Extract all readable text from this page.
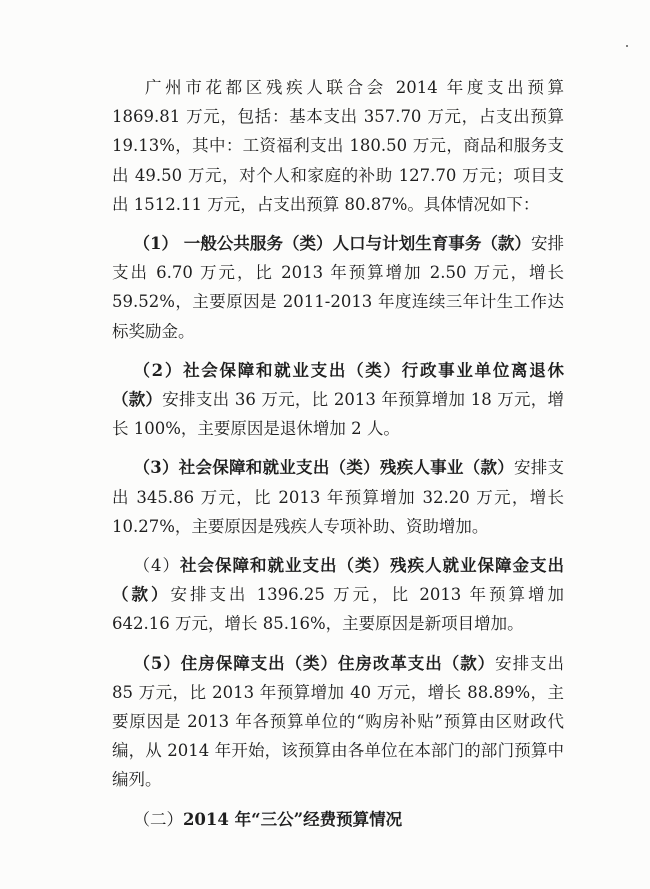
广州市花都区残疾人联合会 2014 年度支出预算 1869.81 万元，包括：基本支出 357.70 万元，占支出预算 19.13%，其中：工资福利支出 180.50 万元，商品和服务支出 49.50 万元，对个人和家庭的补助 127.70 万元；项目支出 1512.11 万元，占支出预算 80.87%。具体情况如下：

（1） 一般公共服务（类）人口与计划生育事务（款）安排支出 6.70 万元，比 2013 年预算增加 2.50 万元，增长 59.52%，主要原因是 2011-2013 年度连续三年计生工作达标奖励金。

（2）社会保障和就业支出（类）行政事业单位离退休（款）安排支出 36 万元，比 2013 年预算增加 18 万元，增长 100%，主要原因是退休增加 2 人。

（3）社会保障和就业支出（类）残疾人事业（款）安排支出 345.86 万元，比 2013 年预算增加 32.20 万元，增长 10.27%，主要原因是残疾人专项补助、资助增加。

（4）社会保障和就业支出（类）残疾人就业保障金支出（款）安排支出 1396.25 万元，比 2013 年预算增加 642.16 万元，增长 85.16%，主要原因是新项目增加。

（5）住房保障支出（类）住房改革支出（款）安排支出 85 万元，比 2013 年预算增加 40 万元，增长 88.89%，主要原因是 2013 年各预算单位的“购房补贴”预算由区财政代编，从 2014 年开始，该预算由各单位在本部门的部门预算中编列。

（二）2014 年“三公”经费预算情况
